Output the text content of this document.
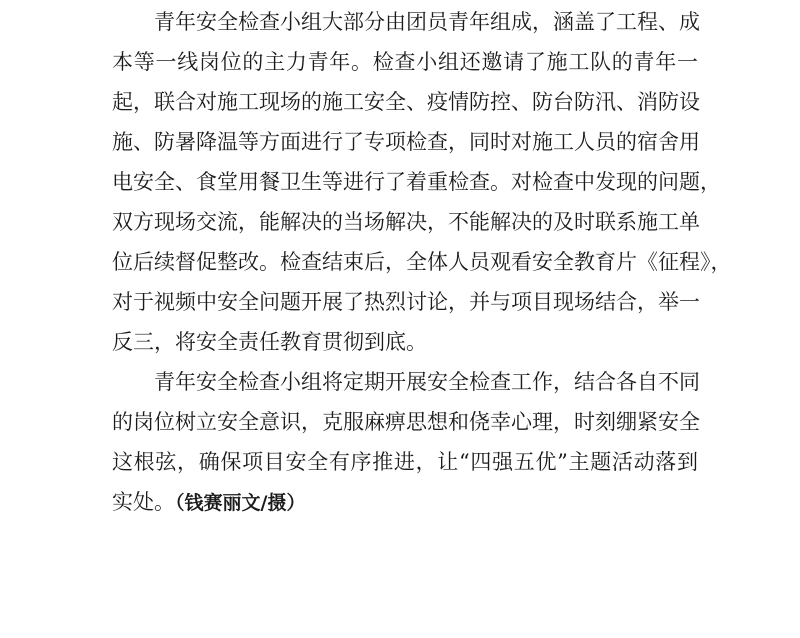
青年安全检查小组大部分由团员青年组成，涵盖了工程、成
本等一线岗位的主力青年。检查小组还邀请了施工队的青年一
起，联合对施工现场的施工安全、疫情防控、防台防汛、消防设
施、防暑降温等方面进行了专项检查，同时对施工人员的宿舍用
电安全、食堂用餐卫生等进行了着重检查。对检查中发现的问题，
双方现场交流，能解决的当场解决，不能解决的及时联系施工单
位后续督促整改。检查结束后，全体人员观看安全教育片《征程》，
对于视频中安全问题开展了热烈讨论，并与项目现场结合，举一
反三，将安全责任教育贯彻到底。
青年安全检查小组将定期开展安全检查工作，结合各自不同
的岗位树立安全意识，克服麻痹思想和侥幸心理，时刻绷紧安全
这根弦，确保项目安全有序推进，让“四强五优”主题活动落到
实处。（钱赛丽文/摄）
